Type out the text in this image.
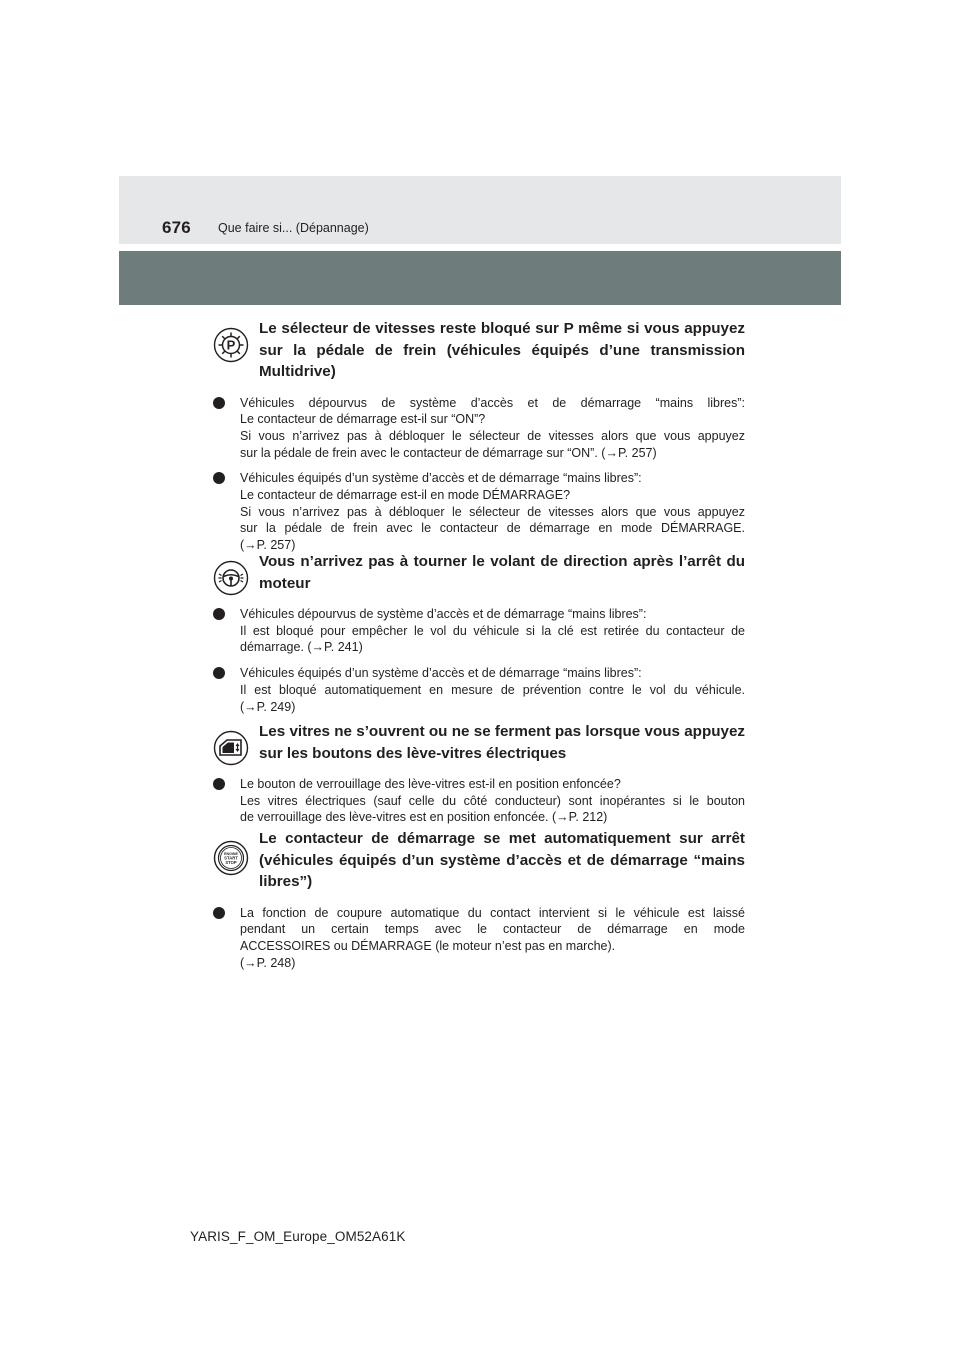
676 Que faire si... (Dépannage)
P
Le sélecteur de vitesses reste bloqué sur P même si vous appuyez sur la pédale de frein (véhicules équipés d’une transmission Multidrive)
Véhicules dépourvus de système d’accès et de démarrage “mains libres”:
Le contacteur de démarrage est-il sur “ON”?
Si vous n’arrivez pas à débloquer le sélecteur de vitesses alors que vous appuyez
sur la pédale de frein avec le contacteur de démarrage sur “ON”. (→P. 257)
Véhicules équipés d’un système d’accès et de démarrage “mains libres”:
Le contacteur de démarrage est-il en mode DÉMARRAGE?
Si vous n’arrivez pas à débloquer le sélecteur de vitesses alors que vous appuyez
sur la pédale de frein avec le contacteur de démarrage en mode DÉMARRAGE.
(→P. 257)
Vous n’arrivez pas à tourner le volant de direction après l’arrêt du moteur
Véhicules dépourvus de système d’accès et de démarrage “mains libres”:
Il est bloqué pour empêcher le vol du véhicule si la clé est retirée du contacteur de
démarrage. (→P. 241)
Véhicules équipés d’un système d’accès et de démarrage “mains libres”:
Il est bloqué automatiquement en mesure de prévention contre le vol du véhicule.
(→P. 249)
Les vitres ne s’ouvrent ou ne se ferment pas lorsque vous appuyez sur les boutons des lève-vitres électriques
Le bouton de verrouillage des lève-vitres est-il en position enfoncée?
Les vitres électriques (sauf celle du côté conducteur) sont inopérantes si le bouton
de verrouillage des lève-vitres est en position enfoncée. (→P. 212)
ENGINE
START
STOP
Le contacteur de démarrage se met automatiquement sur arrêt (véhicules équipés d’un système d’accès et de démarrage “mains libres”)
La fonction de coupure automatique du contact intervient si le véhicule est laissé
pendant un certain temps avec le contacteur de démarrage en mode
ACCESSOIRES ou DÉMARRAGE (le moteur n’est pas en marche).
(→P. 248)
YARIS_F_OM_Europe_OM52A61K
